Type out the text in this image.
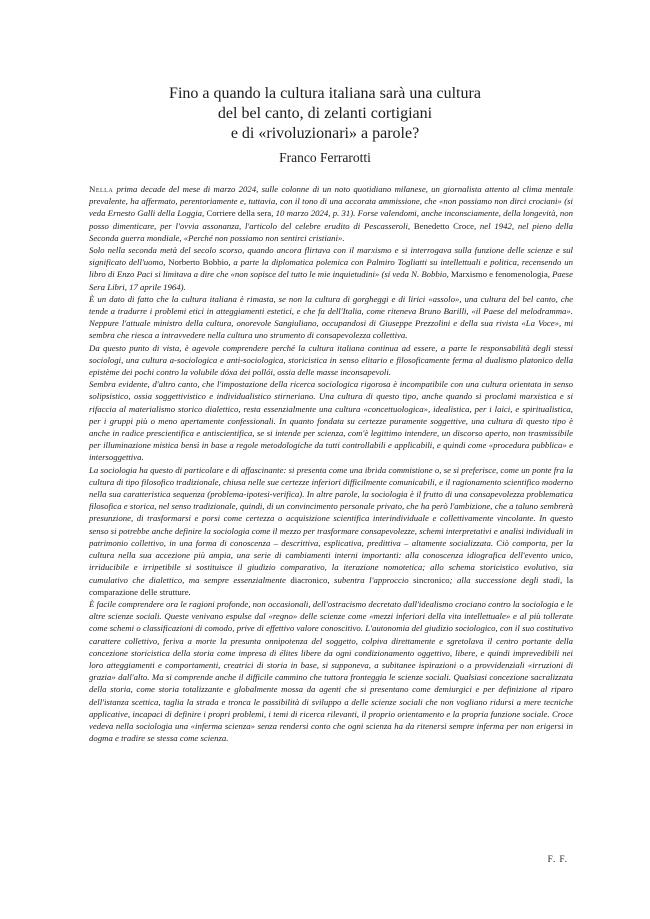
Fino a quando la cultura italiana sarà una cultura
del bel canto, di zelanti cortigiani
e di «rivoluzionari» a parole?

Franco Ferrarotti

Nella prima decade del mese di marzo 2024, sulle colonne di un noto quotidiano milanese, un giornalista attento al clima mentale prevalente, ha affermato, perentoriamente e, tuttavia, con il tono di una accorata ammissione, che «non possiamo non dirci crociani» (si veda Ernesto Galli della Loggia, Corriere della sera, 10 marzo 2024, p. 31). Forse valendomi, anche inconsciamente, della longevità, non posso dimenticare, per l'ovvia assonanza, l'articolo del celebre erudito di Pescasseroli, Benedetto Croce, nel 1942, nel pieno della Seconda guerra mondiale, «Perché non possiamo non sentirci cristiani».

Solo nella seconda metà del secolo scorso, quando ancora flirtava con il marxismo e si interrogava sulla funzione delle scienze e sul significato dell'uomo, Norberto Bobbio, a parte la diplomatica polemica con Palmiro Togliatti su intellettuali e politica, recensendo un libro di Enzo Paci si limitava a dire che «non sopisce del tutto le mie inquietudini» (si veda N. Bobbio, Marxismo e fenomenologia, Paese Sera Libri, 17 aprile 1964).

È un dato di fatto che la cultura italiana è rimasta, se non la cultura di gorgheggi e di lirici «assolo», una cultura del bel canto, che tende a tradurre i problemi etici in atteggiamenti estetici, e che fa dell'Italia, come riteneva Bruno Barilli, «il Paese del melodramma». Neppure l'attuale ministro della cultura, onorevole Sangiuliano, occupandosi di Giuseppe Prezzolini e della sua rivista «La Voce», mi sembra che riesca a intravvedere nella cultura uno strumento di consapevolezza collettiva.

Da questo punto di vista, è agevole comprendere perché la cultura italiana continua ad essere, a parte le responsabilità degli stessi sociologi, una cultura a-sociologica e anti-sociologica, storicistica in senso elitario e filosoficamente ferma al dualismo platonico della epistème dei pochi contro la volubile dóxa dei pollói, ossia delle masse inconsapevoli.

Sembra evidente, d'altro canto, che l'impostazione della ricerca sociologica rigorosa è incompatibile con una cultura orientata in senso solipsistico, ossia soggettivistico e individualistico stirneriano. Una cultura di questo tipo, anche quando si proclami marxistica e si rifaccia al materialismo storico dialettico, resta essenzialmente una cultura «concettuologica», idealistica, per i laici, e spiritualistica, per i gruppi più o meno apertamente confessionali. In quanto fondata su certezze puramente soggettive, una cultura di questo tipo è anche in radice prescientifica e antiscientifica, se si intende per scienza, com'è legittimo intendere, un discorso aperto, non trasmissibile per illuminazione mistica bensì in base a regole metodologiche da tutti controllabili e applicabili, e quindi come «procedura pubblica» e intersoggettiva.

La sociologia ha questo di particolare e di affascinante: si presenta come una ibrida commistione o, se si preferisce, come un ponte fra la cultura di tipo filosofico tradizionale, chiusa nelle sue certezze inferiori difficilmente comunicabili, e il ragionamento scientifico moderno nella sua caratteristica sequenza (problema-ipotesi-verifica). In altre parole, la sociologia è il frutto di una consapevolezza problematica filosofica e storica, nel senso tradizionale, quindi, di un convincimento personale privato, che ha però l'ambizione, che a taluno sembrerà presunzione, di trasformarsi e porsi come certezza o acquisizione scientifica interindividuale e collettivamente vincolante. In questo senso si potrebbe anche definire la sociologia come il mezzo per trasformare consapevolezze, schemi interpretativi e analisi individuali in patrimonio collettivo, in una forma di conoscenza – descrittiva, esplicativa, predittiva – altamente socializzata. Ciò comporta, per la cultura nella sua accezione più ampia, una serie di cambiamenti interni importanti: alla conoscenza idiografica dell'evento unico, irriducibile e irripetibile si sostituisce il giudizio comparativo, la iterazione nomotetica; allo schema storicistico evolutivo, sia cumulativo che dialettico, ma sempre essenzialmente diacronico, subentra l'approccio sincronico; alla successione degli stadi, la comparazione delle strutture.

È facile comprendere ora le ragioni profonde, non occasionali, dell'ostracismo decretato dall'idealismo crociano contro la sociologia e le altre scienze sociali. Queste venivano espulse dal «regno» delle scienze come «mezzi inferiori della vita intellettuale» e al più tollerate come schemi o classificazioni di comodo, prive di effettivo valore conoscitivo. L'autonomia del giudizio sociologico, con il suo costitutivo carattere collettivo, feriva a morte la presunta onnipotenza del soggetto, colpiva direttamente e sgretolava il centro portante della concezione storicistica della storia come impresa di élites libere da ogni condizionamento oggettivo, libere, e quindi imprevedibili nei loro atteggiamenti e comportamenti, creatrici di storia in base, si supponeva, a subitanee ispirazioni o a provvidenziali «irruzioni di grazia» dall'alto. Ma si comprende anche il difficile cammino che tuttora fronteggia le scienze sociali. Qualsiasi concezione sacralizzata della storia, come storia totalizzante e globalmente mossa da agenti che si presentano come demiurgici e per definizione al riparo dell'istanza scettica, taglia la strada e tronca le possibilità di sviluppo a delle scienze sociali che non vogliano ridursi a mere tecniche applicative, incapaci di definire i propri problemi, i temi di ricerca rilevanti, il proprio orientamento e la propria funzione sociale. Croce vedeva nella sociologia una «inferma scienza» senza rendersi conto che ogni scienza ha da ritenersi sempre inferma per non erigersi in dogma e tradire se stessa come scienza.

F. F.
